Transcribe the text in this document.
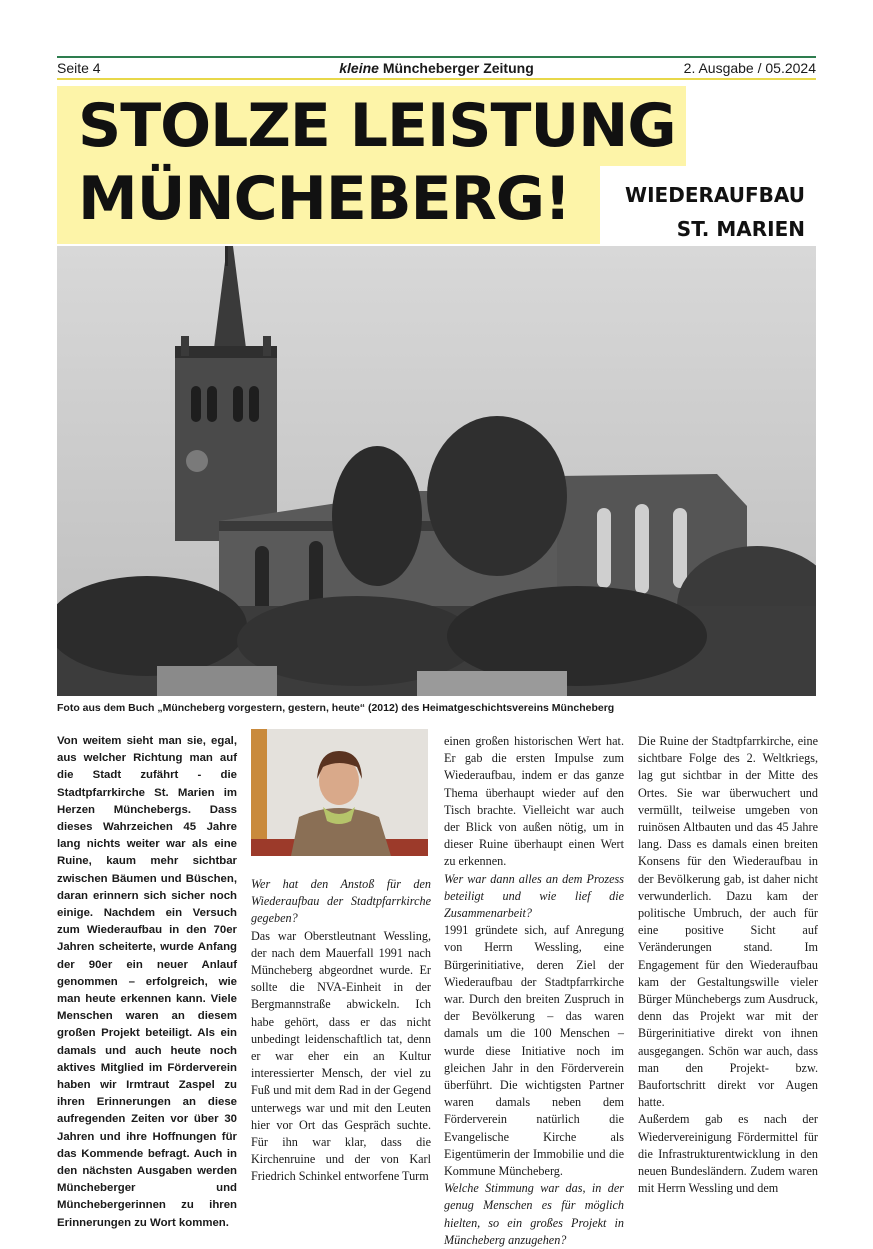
Seite 4	kleine Müncheberger Zeitung	2. Ausgabe / 05.2024
STOLZE LEISTUNG
MÜNCHEBERG!	WIEDERAUFBAU
ST. MARIEN
Foto aus dem Buch „Müncheberg vorgestern, gestern, heute“ (2012) des Heimatgeschichtsvereins Müncheberg

Von weitem sieht man sie, egal, aus welcher Richtung man auf die Stadt zufährt - die Stadtpfarrkirche St. Marien im Herzen Münchebergs. Dass dieses Wahrzeichen 45 Jahre lang nichts weiter war als eine Ruine, kaum mehr sichtbar zwischen Bäumen und Büschen, daran erinnern sich sicher noch einige. Nachdem ein Versuch zum Wiederaufbau in den 70er Jahren scheiterte, wurde Anfang der 90er ein neuer Anlauf genommen – erfolgreich, wie man heute erkennen kann. Viele Menschen waren an diesem großen Projekt beteiligt. Als ein damals und auch heute noch aktives Mitglied im Förderverein haben wir Irmtraut Zaspel zu ihren Erinnerungen an diese aufregenden Zeiten vor über 30 Jahren und ihre Hoffnungen für das Kommende befragt. Auch in den nächsten Ausgaben werden Müncheberger und Münchebergerinnen zu ihren Erinnerungen zu Wort kommen.

Wer hat den Anstoß für den Wiederaufbau der Stadtpfarrkirche gegeben?

Das war Oberstleutnant Wessling, der nach dem Mauerfall 1991 nach Müncheberg abgeordnet wurde. Er sollte die NVA-Einheit in der Bergmannstraße abwickeln. Ich habe gehört, dass er das nicht unbedingt leidenschaftlich tat, denn er war eher ein an Kultur interessierter Mensch, der viel zu Fuß und mit dem Rad in der Gegend unterwegs war und mit den Leuten hier vor Ort das Gespräch suchte. Für ihn war klar, dass die Kirchenruine und der von Karl Friedrich Schinkel entworfene Turm

einen großen historischen Wert hat. Er gab die ersten Impulse zum Wiederaufbau, indem er das ganze Thema überhaupt wieder auf den Tisch brachte. Vielleicht war auch der Blick von außen nötig, um in dieser Ruine überhaupt einen Wert zu erkennen.

Wer war dann alles an dem Prozess beteiligt und wie lief die Zusammenarbeit?

1991 gründete sich, auf Anregung von Herrn Wessling, eine Bürgerinitiative, deren Ziel der Wiederaufbau der Stadtpfarrkirche war. Durch den breiten Zuspruch in der Bevölkerung – das waren damals um die 100 Menschen – wurde diese Initiative noch im gleichen Jahr in den Förderverein überführt. Die wichtigsten Partner waren damals neben dem Förderverein natürlich die Evangelische Kirche als Eigentümerin der Immobilie und die Kommune Müncheberg.

Welche Stimmung war das, in der genug Menschen es für möglich hielten, so ein großes Projekt in Müncheberg anzugehen?

Die Ruine der Stadtpfarrkirche, eine sichtbare Folge des 2. Weltkriegs, lag gut sichtbar in der Mitte des Ortes. Sie war überwuchert und vermüllt, teilweise umgeben von ruinösen Altbauten und das 45 Jahre lang. Dass es damals einen breiten Konsens für den Wiederaufbau in der Bevölkerung gab, ist daher nicht verwunderlich. Dazu kam der politische Umbruch, der auch für eine positive Sicht auf Veränderungen stand. Im Engagement für den Wiederaufbau kam der Gestaltungswille vieler Bürger Münchebergs zum Ausdruck, denn das Projekt war mit der Bürgerinitiative direkt von ihnen ausgegangen. Schön war auch, dass man den Projekt- bzw. Baufortschritt direkt vor Augen hatte.

Außerdem gab es nach der Wiedervereinigung Fördermittel für die Infrastrukturentwicklung in den neuen Bundesländern. Zudem waren mit Herrn Wessling und dem
